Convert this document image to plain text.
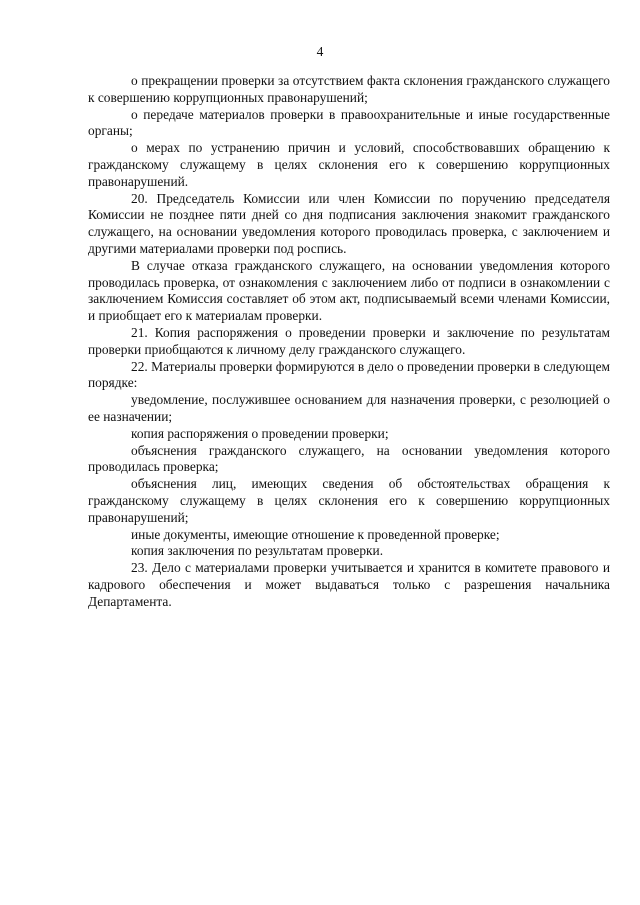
4

о прекращении проверки за отсутствием факта склонения гражданского служащего к совершению коррупционных правонарушений;

о передаче материалов проверки в правоохранительные и иные государственные органы;

о мерах по устранению причин и условий, способствовавших обращению к гражданскому служащему в целях склонения его к совершению коррупционных правонарушений.

20. Председатель Комиссии или член Комиссии по поручению председателя Комиссии не позднее пяти дней со дня подписания заключения знакомит гражданского служащего, на основании уведомления которого проводилась проверка, с заключением и другими материалами проверки под роспись.

В случае отказа гражданского служащего, на основании уведомления которого проводилась проверка, от ознакомления с заключением либо от подписи в ознакомлении с заключением Комиссия составляет об этом акт, подписываемый всеми членами Комиссии, и приобщает его к материалам проверки.

21. Копия распоряжения о проведении проверки и заключение по результатам проверки приобщаются к личному делу гражданского служащего.

22. Материалы проверки формируются в дело о проведении проверки в следующем порядке:

уведомление, послужившее основанием для назначения проверки, с резолюцией о ее назначении;

копия распоряжения о проведении проверки;

объяснения гражданского служащего, на основании уведомления которого проводилась проверка;

объяснения лиц, имеющих сведения об обстоятельствах обращения к гражданскому служащему в целях склонения его к совершению коррупционных правонарушений;

иные документы, имеющие отношение к проведенной проверке;

копия заключения по результатам проверки.

23. Дело с материалами проверки учитывается и хранится в комитете правового и кадрового обеспечения и может выдаваться только с разрешения начальника Департамента.
